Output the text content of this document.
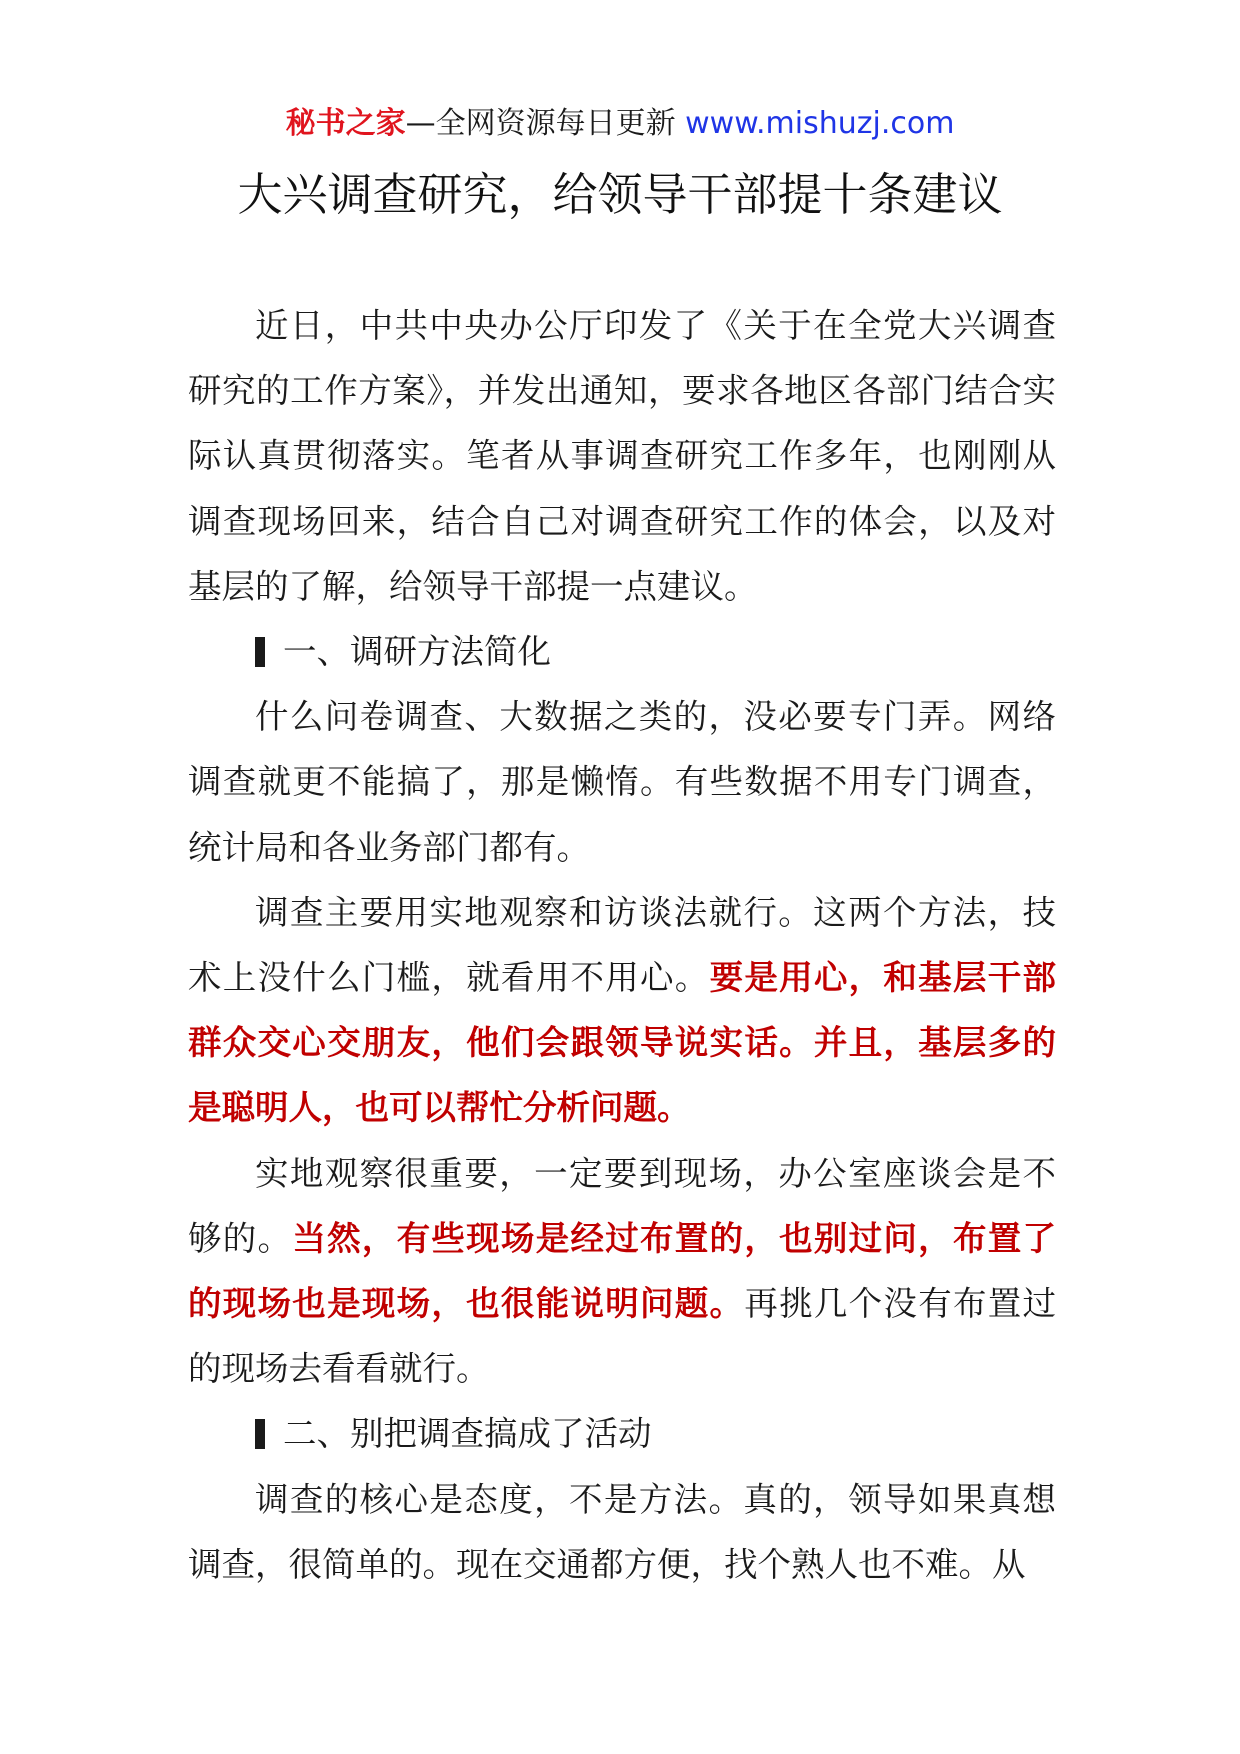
秘书之家—全网资源每日更新 www.mishuzj.com
大兴调查研究，给领导干部提十条建议

近日，中共中央办公厅印发了《关于在全党大兴调查研究的工作方案》，并发出通知，要求各地区各部门结合实际认真贯彻落实。笔者从事调查研究工作多年，也刚刚从调查现场回来，结合自己对调查研究工作的体会，以及对基层的了解，给领导干部提一点建议。

一、调研方法简化

什么问卷调查、大数据之类的，没必要专门弄。网络调查就更不能搞了，那是懒惰。有些数据不用专门调查，统计局和各业务部门都有。

调查主要用实地观察和访谈法就行。这两个方法，技术上没什么门槛，就看用不用心。要是用心，和基层干部群众交心交朋友，他们会跟领导说实话。并且，基层多的是聪明人，也可以帮忙分析问题。

实地观察很重要，一定要到现场，办公室座谈会是不够的。当然，有些现场是经过布置的，也别过问，布置了的现场也是现场，也很能说明问题。再挑几个没有布置过的现场去看看就行。

二、别把调查搞成了活动

调查的核心是态度，不是方法。真的，领导如果真想调查，很简单的。现在交通都方便，找个熟人也不难。从
